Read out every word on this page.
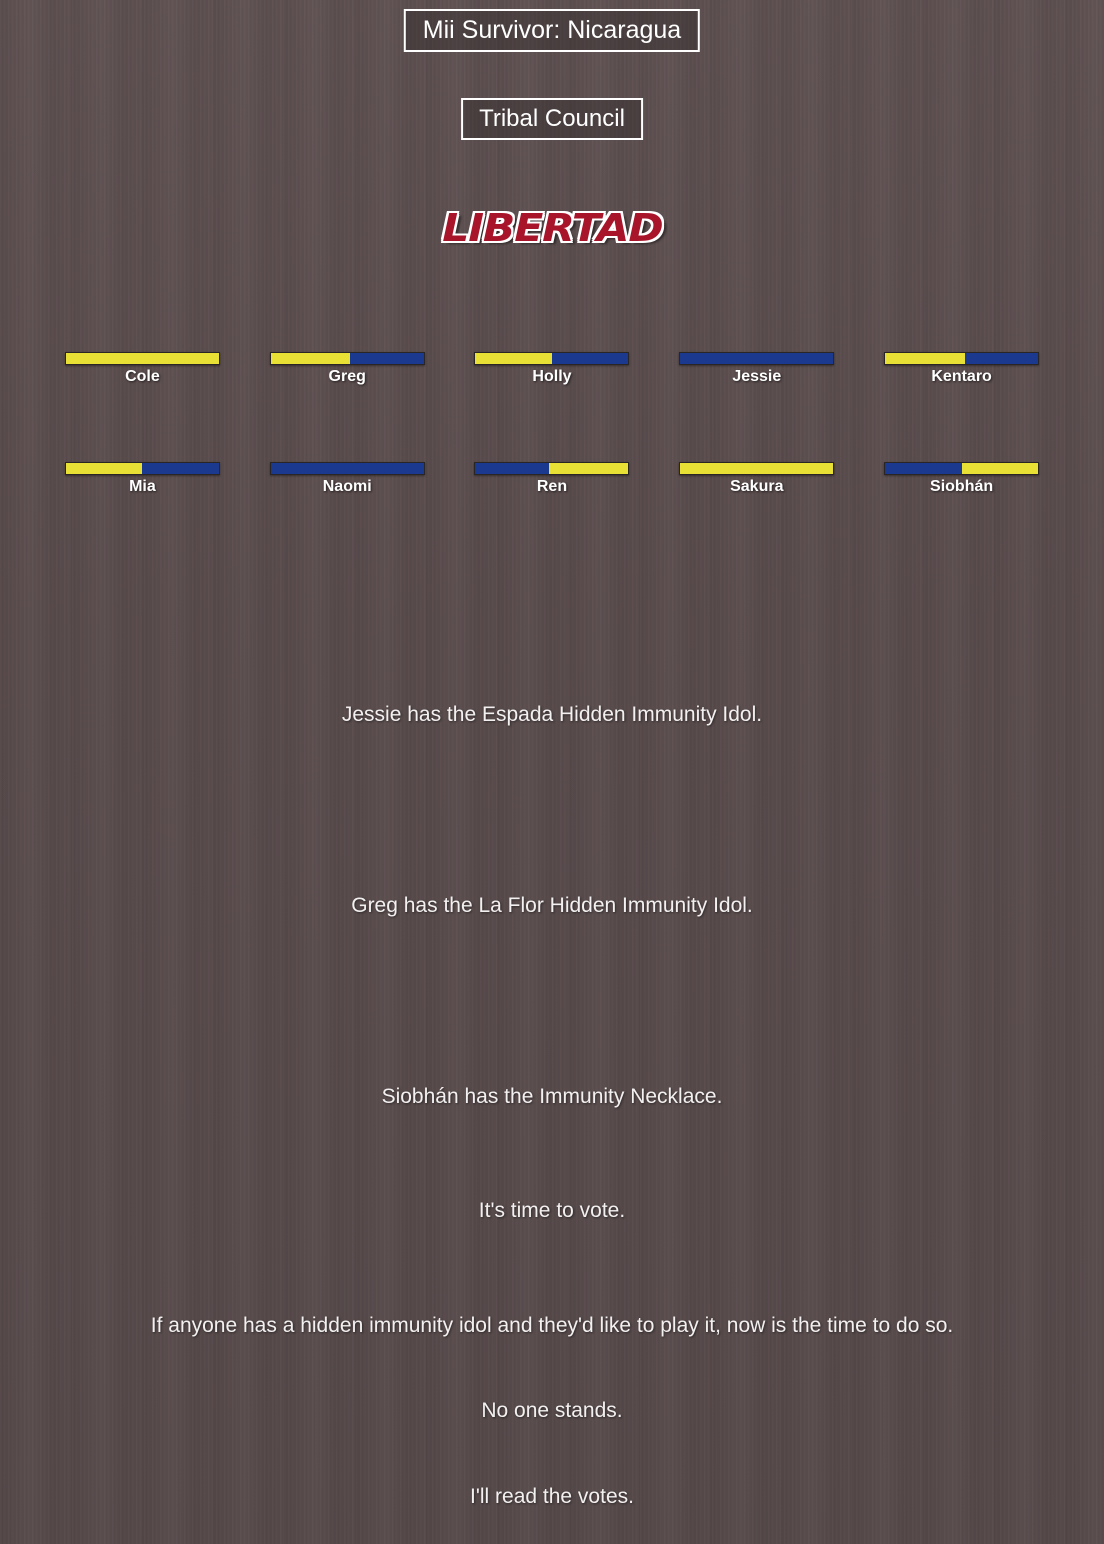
Mii Survivor: Nicaragua
Tribal Council
LIBERTAD
Cole	Greg	Holly	Jessie	Kentaro
Mia	Naomi	Ren	Sakura	Siobhán
Jessie has the Espada Hidden Immunity Idol.
Greg has the La Flor Hidden Immunity Idol.
Siobhán has the Immunity Necklace.
It's time to vote.
If anyone has a hidden immunity idol and they'd like to play it, now is the time to do so.
No one stands.
I'll read the votes.
